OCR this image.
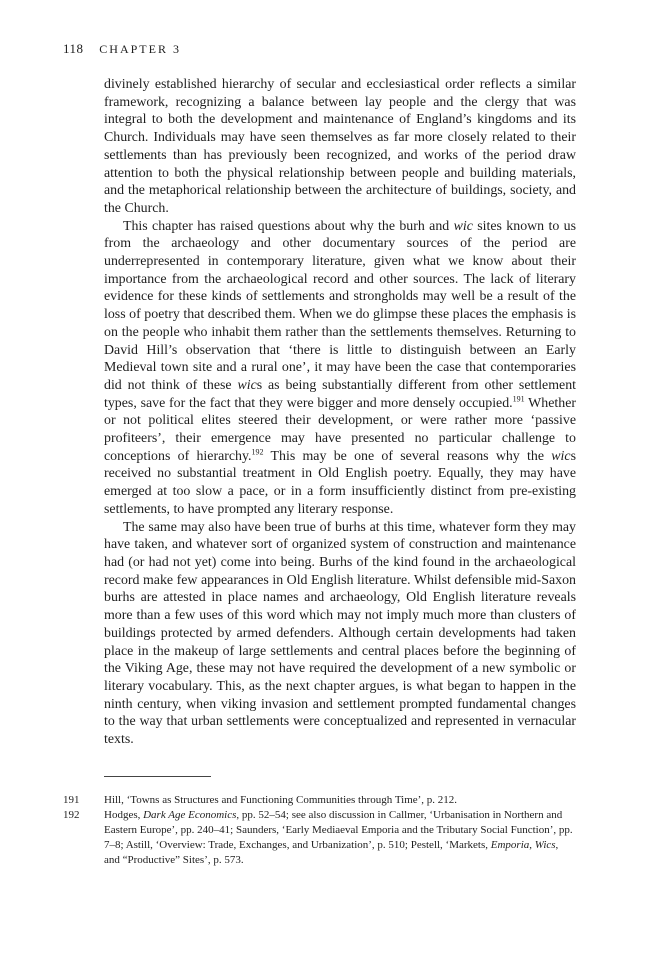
118 CHAPTER 3

divinely established hierarchy of secular and ecclesiastical order reflects a similar framework, recognizing a balance between lay people and the clergy that was integral to both the development and maintenance of England’s kingdoms and its Church. Individuals may have seen themselves as far more closely related to their settlements than has previously been recognized, and works of the period draw attention to both the physical relationship between people and building materials, and the metaphorical relationship between the architecture of buildings, society, and the Church.

This chapter has raised questions about why the burh and wic sites known to us from the archaeology and other documentary sources of the period are underrepresented in contemporary literature, given what we know about their importance from the archaeological record and other sources. The lack of literary evidence for these kinds of settlements and strongholds may well be a result of the loss of poetry that described them. When we do glimpse these places the emphasis is on the people who inhabit them rather than the settlements themselves. Returning to David Hill’s observation that ‘there is little to distinguish between an Early Medieval town site and a rural one’, it may have been the case that contemporaries did not think of these wics as being substantially different from other settlement types, save for the fact that they were bigger and more densely occupied.$^{191}$ Whether or not political elites steered their development, or were rather more ‘passive profiteers’, their emergence may have presented no particular challenge to conceptions of hierarchy.$^{192}$ This may be one of several reasons why the wics received no substantial treatment in Old English poetry. Equally, they may have emerged at too slow a pace, or in a form insufficiently distinct from pre-existing settlements, to have prompted any literary response.

The same may also have been true of burhs at this time, whatever form they may have taken, and whatever sort of organized system of construction and maintenance had (or had not yet) come into being. Burhs of the kind found in the archaeological record make few appearances in Old English literature. Whilst defensible mid-Saxon burhs are attested in place names and archaeology, Old English literature reveals more than a few uses of this word which may not imply much more than clusters of buildings protected by armed defenders. Although certain developments had taken place in the makeup of large settlements and central places before the beginning of the Viking Age, these may not have required the development of a new symbolic or literary vocabulary. This, as the next chapter argues, is what began to happen in the ninth century, when viking invasion and settlement prompted fundamental changes to the way that urban settlements were conceptualized and represented in vernacular texts.

191	Hill, ‘Towns as Structures and Functioning Communities through Time’, p. 212.
192	Hodges, Dark Age Economics, pp. 52–54; see also discussion in Callmer, ‘Urbanisation in Northern and Eastern Europe’, pp. 240–41; Saunders, ‘Early Mediaeval Emporia and the Tributary Social Function’, pp. 7–8; Astill, ‘Overview: Trade, Exchanges, and Urbanization’, p. 510; Pestell, ‘Markets, Emporia, Wics, and “Productive” Sites’, p. 573.
